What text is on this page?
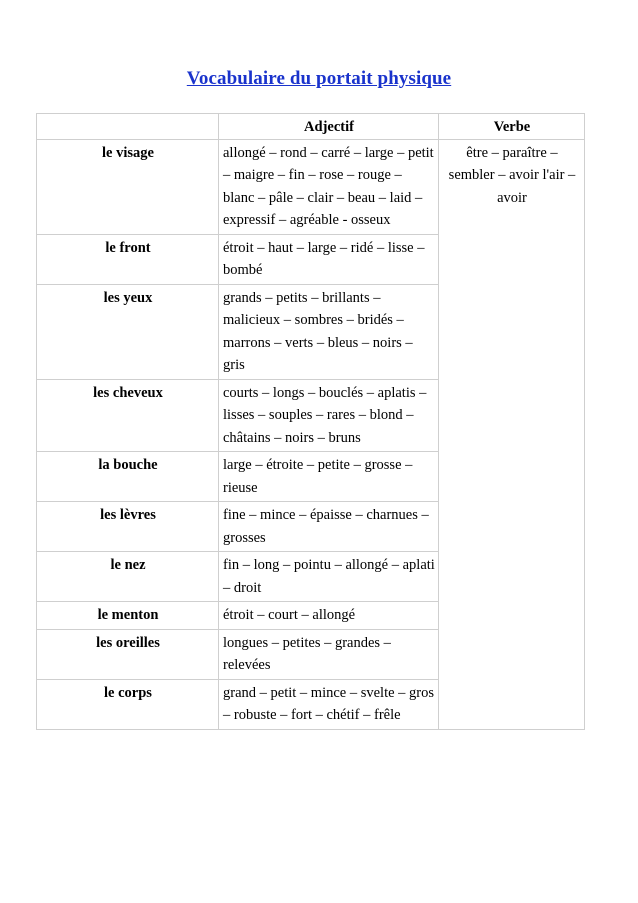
Vocabulaire du portait physique
	Adjectif	Verbe
le visage	allongé – rond – carré – large – petit – maigre – fin – rose – rouge – blanc – pâle – clair – beau – laid – expressif – agréable - osseux	être – paraître – sembler – avoir l'air – avoir
le front	étroit – haut – large – ridé – lisse – bombé	
les yeux	grands – petits – brillants – malicieux – sombres – bridés – marrons – verts – bleus – noirs – gris	
les cheveux	courts – longs – bouclés – aplatis – lisses – souples – rares – blond – châtains – noirs – bruns	
la bouche	large – étroite – petite – grosse – rieuse	
les lèvres	fine – mince – épaisse – charnues – grosses	
le nez	fin – long – pointu – allongé – aplati – droit	
le menton	étroit – court – allongé	
les oreilles	longues – petites – grandes – relevées	
le corps	grand – petit – mince – svelte – gros – robuste – fort – chétif – frêle	
